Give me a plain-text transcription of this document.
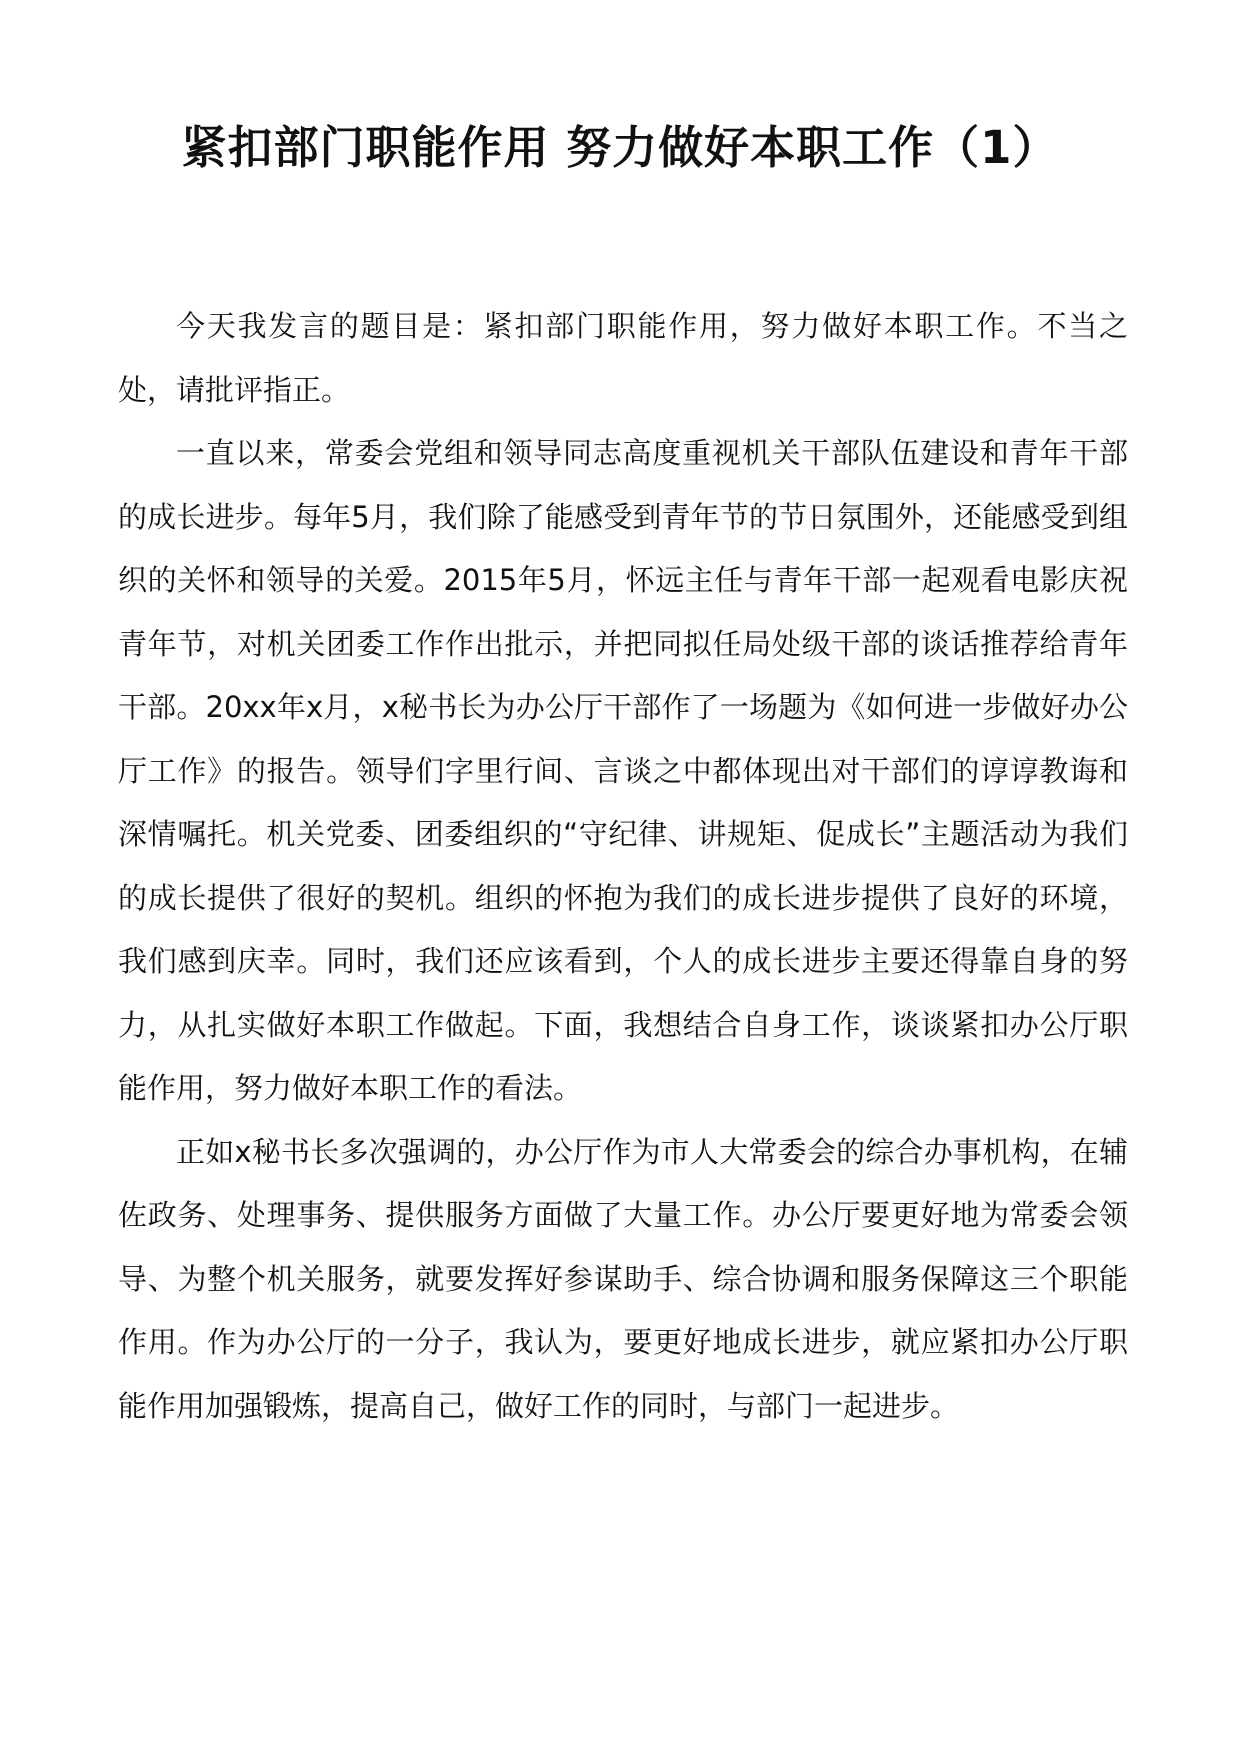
紧扣部门职能作用 努力做好本职工作（1）

今天我发言的题目是：紧扣部门职能作用，努力做好本职工作。不当之处，请批评指正。

一直以来，常委会党组和领导同志高度重视机关干部队伍建设和青年干部的成长进步。每年5月，我们除了能感受到青年节的节日氛围外，还能感受到组织的关怀和领导的关爱。2015年5月，怀远主任与青年干部一起观看电影庆祝青年节，对机关团委工作作出批示，并把同拟任局处级干部的谈话推荐给青年干部。20xx年x月，x秘书长为办公厅干部作了一场题为《如何进一步做好办公厅工作》的报告。领导们字里行间、言谈之中都体现出对干部们的谆谆教诲和深情嘱托。机关党委、团委组织的“守纪律、讲规矩、促成长”主题活动为我们的成长提供了很好的契机。组织的怀抱为我们的成长进步提供了良好的环境，我们感到庆幸。同时，我们还应该看到，个人的成长进步主要还得靠自身的努力，从扎实做好本职工作做起。下面，我想结合自身工作，谈谈紧扣办公厅职能作用，努力做好本职工作的看法。

正如x秘书长多次强调的，办公厅作为市人大常委会的综合办事机构，在辅佐政务、处理事务、提供服务方面做了大量工作。办公厅要更好地为常委会领导、为整个机关服务，就要发挥好参谋助手、综合协调和服务保障这三个职能作用。作为办公厅的一分子，我认为，要更好地成长进步，就应紧扣办公厅职能作用加强锻炼，提高自己，做好工作的同时，与部门一起进步。
